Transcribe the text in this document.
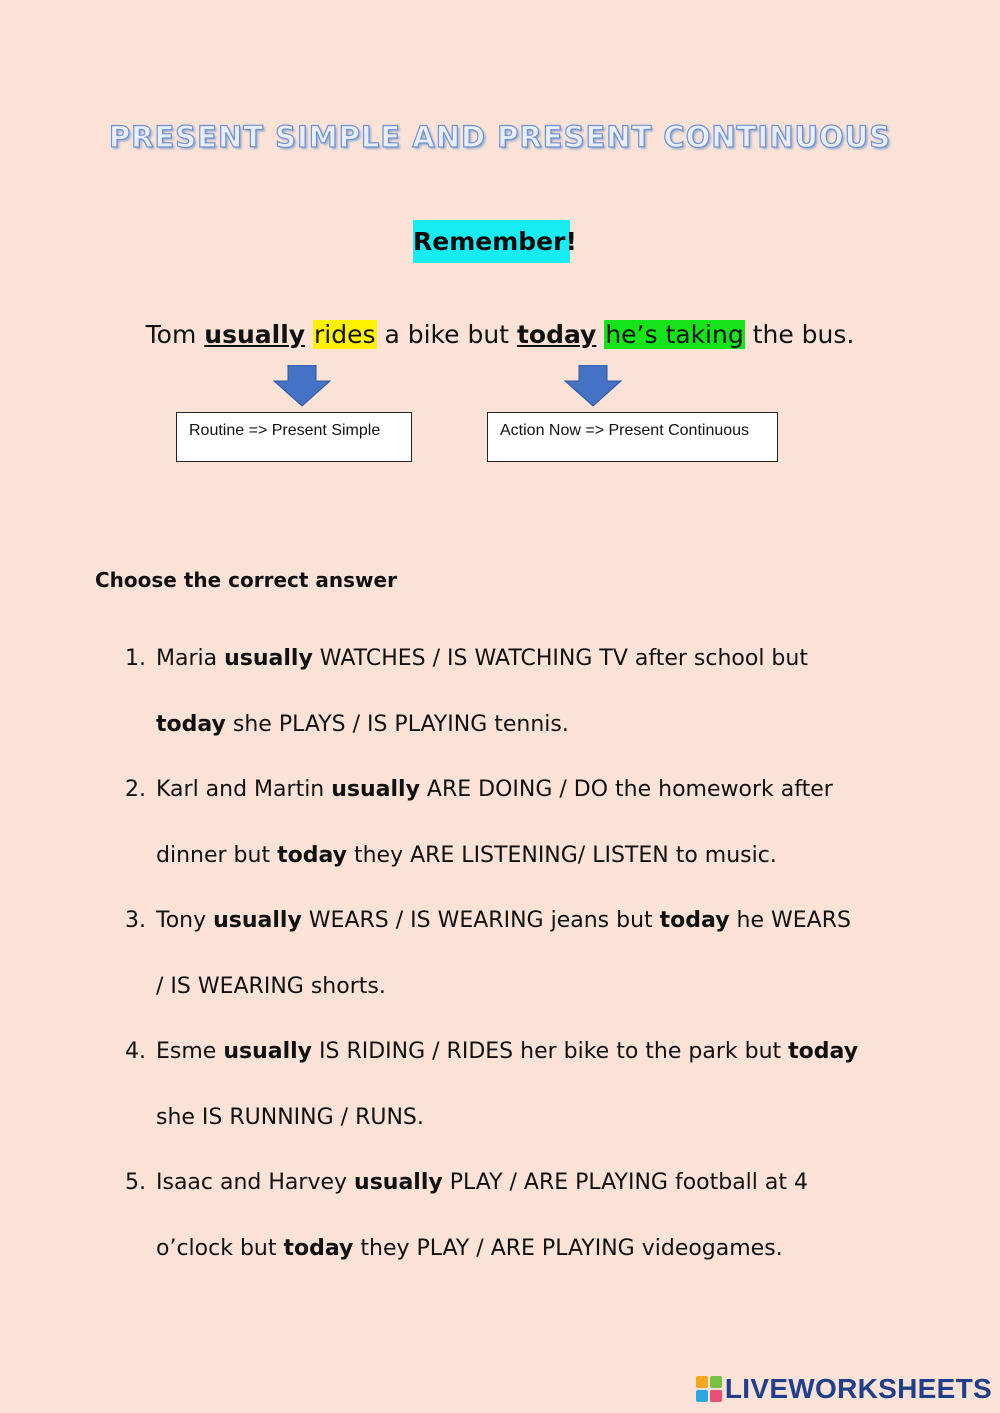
PRESENT SIMPLE AND PRESENT CONTINUOUS
Remember!
Tom usually rides a bike but today he’s taking the bus.
Routine => Present Simple	Action Now => Present Continuous
Choose the correct answer
1. Maria usually WATCHES / IS WATCHING TV after school but
today she PLAYS / IS PLAYING tennis.
2. Karl and Martin usually ARE DOING / DO the homework after
dinner but today they ARE LISTENING/ LISTEN to music.
3. Tony usually WEARS / IS WEARING jeans but today he WEARS
/ IS WEARING shorts.
4. Esme usually IS RIDING / RIDES her bike to the park but today
she IS RUNNING / RUNS.
5. Isaac and Harvey usually PLAY / ARE PLAYING football at 4
o’clock but today they PLAY / ARE PLAYING videogames.
LIVEWORKSHEETS
